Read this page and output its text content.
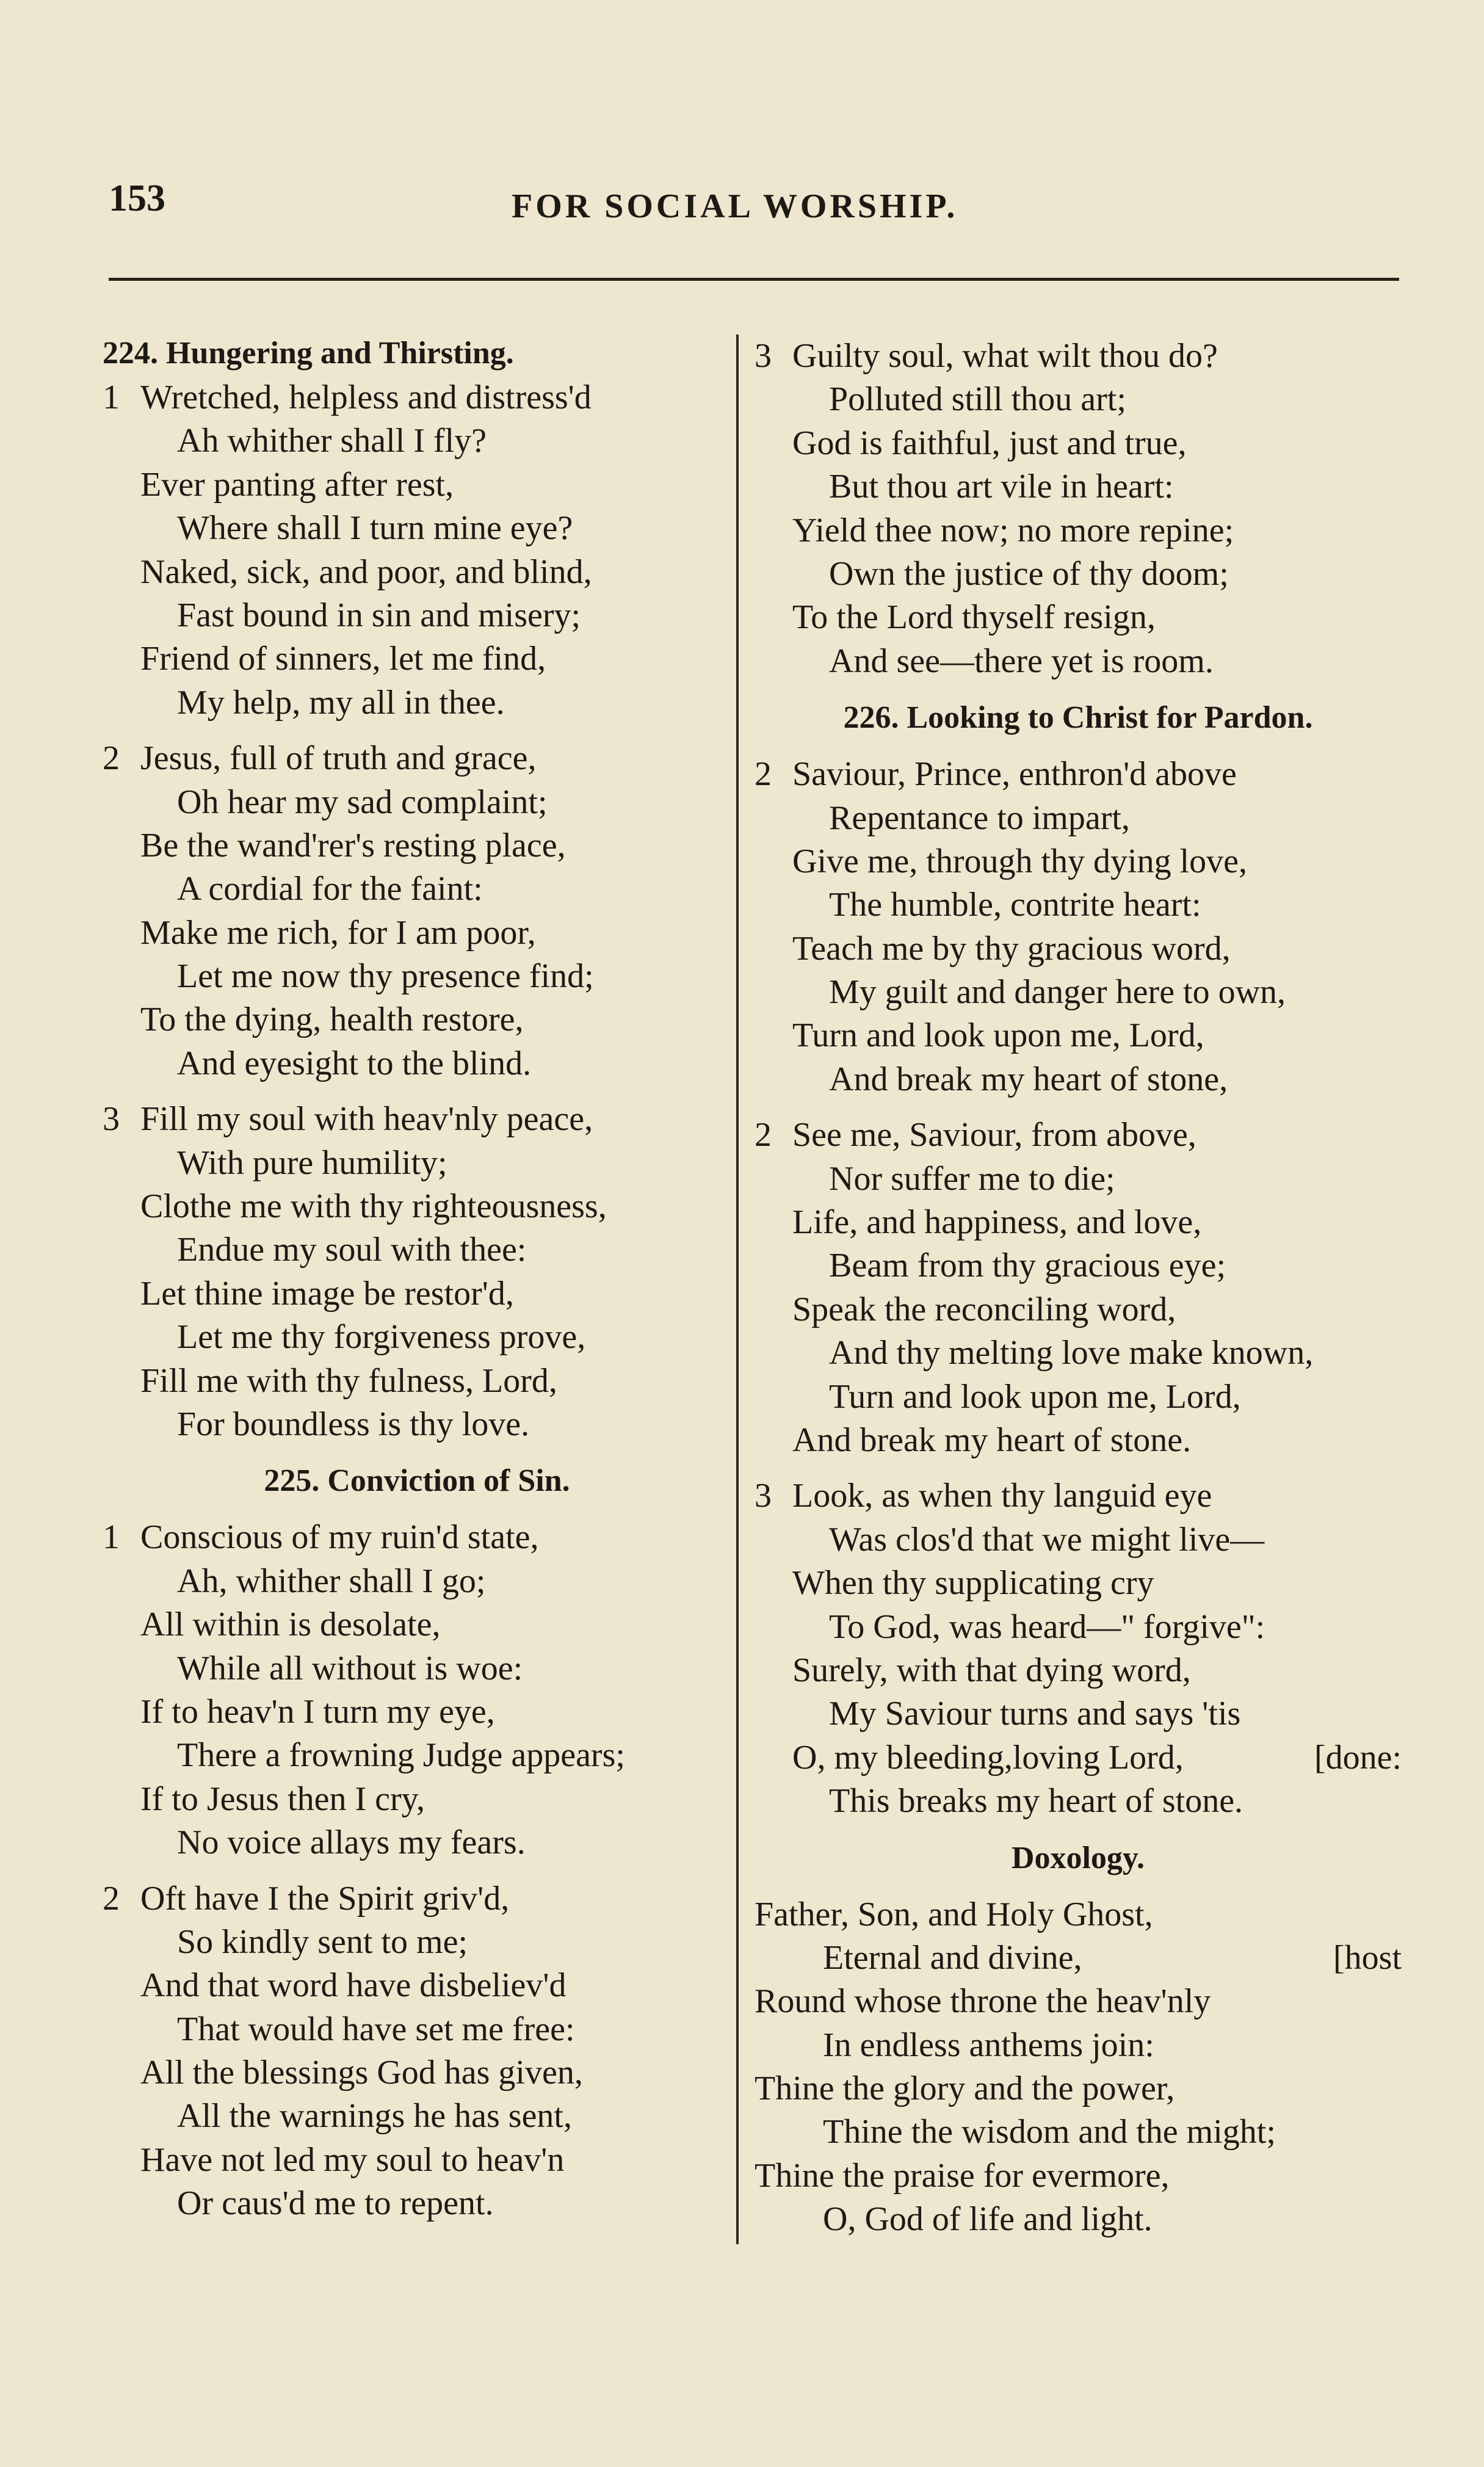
153	FOR SOCIAL WORSHIP.
224. Hungering and Thirsting.
1 Wretched, helpless and distress'd
Ah whither shall I fly?
Ever panting after rest,
Where shall I turn mine eye?
Naked, sick, and poor, and blind,
Fast bound in sin and misery;
Friend of sinners, let me find,
My help, my all in thee.
2 Jesus, full of truth and grace,
Oh hear my sad complaint;
Be the wand'rer's resting place,
A cordial for the faint:
Make me rich, for I am poor,
Let me now thy presence find;
To the dying, health restore,
And eyesight to the blind.
3 Fill my soul with heav'nly peace,
With pure humility;
Clothe me with thy righteousness,
Endue my soul with thee:
Let thine image be restor'd,
Let me thy forgiveness prove,
Fill me with thy fulness, Lord,
For boundless is thy love.
225. Conviction of Sin.
1 Conscious of my ruin'd state,
Ah, whither shall I go;
All within is desolate,
While all without is woe:
If to heav'n I turn my eye,
There a frowning Judge appears;
If to Jesus then I cry,
No voice allays my fears.
2 Oft have I the Spirit griv'd,
So kindly sent to me;
And that word have disbeliev'd
That would have set me free:
All the blessings God has given,
All the warnings he has sent,
Have not led my soul to heav'n
Or caus'd me to repent.
3 Guilty soul, what wilt thou do?
Polluted still thou art;
God is faithful, just and true,
But thou art vile in heart:
Yield thee now; no more repine;
Own the justice of thy doom;
To the Lord thyself resign,
And see—there yet is room.
226. Looking to Christ for Pardon.
2 Saviour, Prince, enthron'd above
Repentance to impart,
Give me, through thy dying love,
The humble, contrite heart:
Teach me by thy gracious word,
My guilt and danger here to own,
Turn and look upon me, Lord,
And break my heart of stone,
2 See me, Saviour, from above,
Nor suffer me to die;
Life, and happiness, and love,
Beam from thy gracious eye;
Speak the reconciling word,
And thy melting love make known,
Turn and look upon me, Lord,
And break my heart of stone.
3 Look, as when thy languid eye
Was clos'd that we might live—
When thy supplicating cry
To God, was heard—" forgive":
Surely, with that dying word,
My Saviour turns and says 'tis
O, my bleeding,loving Lord,	[done:
This breaks my heart of stone.
Doxology.
Father, Son, and Holy Ghost,
Eternal and divine,	[host
Round whose throne the heav'nly
In endless anthems join:
Thine the glory and the power,
Thine the wisdom and the might;
Thine the praise for evermore,
O, God of life and light.
